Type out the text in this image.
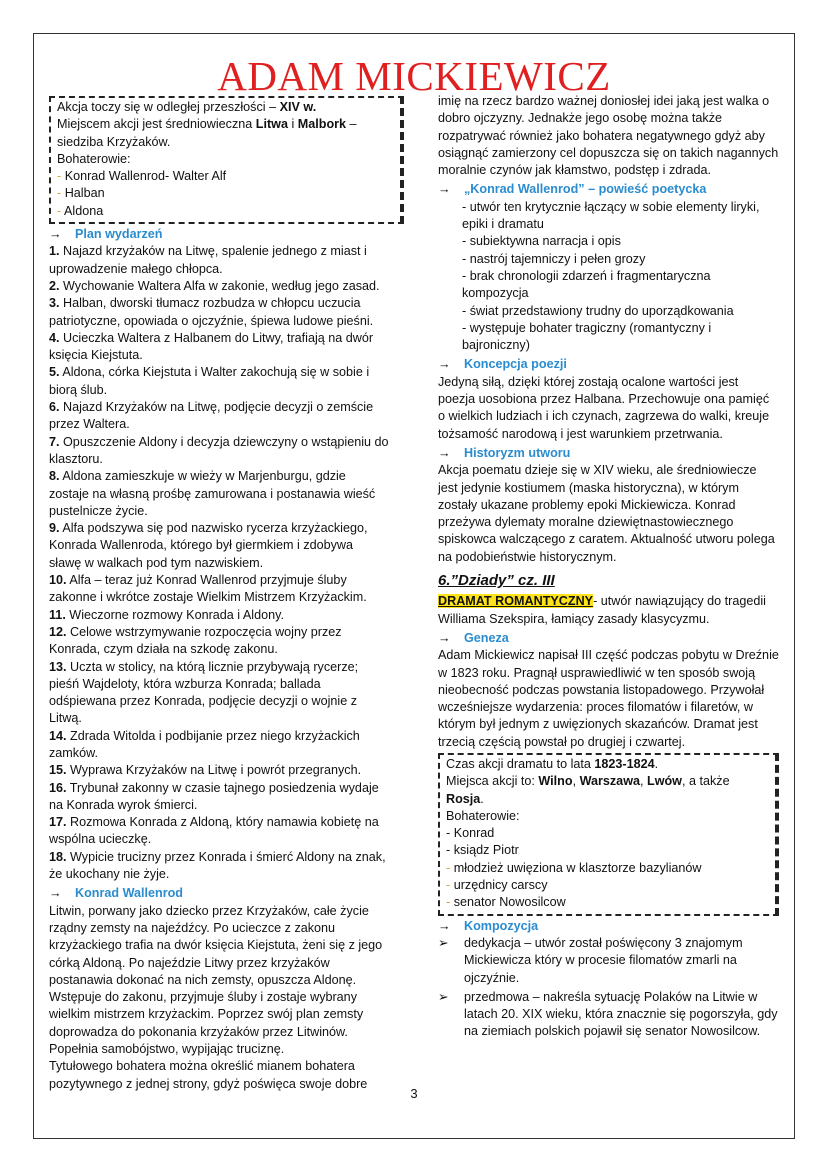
ADAM MICKIEWICZ

Akcja toczy się w odległej przeszłości – XIV w.

Miejscem akcji jest średniowieczna Litwa i Malbork –

siedziba Krzyżaków.

Bohaterowie:

- Konrad Wallenrod- Walter Alf

- Halban

- Aldona

→ Plan wydarzeń

1. Najazd krzyżaków na Litwę, spalenie jednego z miast i

uprowadzenie małego chłopca.

2. Wychowanie Waltera Alfa w zakonie, według jego zasad.

3. Halban, dworski tłumacz rozbudza w chłopcu uczucia

patriotyczne, opowiada o ojczyźnie, śpiewa ludowe pieśni.

4. Ucieczka Waltera z Halbanem do Litwy, trafiają na dwór

księcia Kiejstuta.

5. Aldona, córka Kiejstuta i Walter zakochują się w sobie i

biorą ślub.

6. Najazd Krzyżaków na Litwę, podjęcie decyzji o zemście

przez Waltera.

7. Opuszczenie Aldony i decyzja dziewczyny o wstąpieniu do

klasztoru.

8. Aldona zamieszkuje w wieży w Marjenburgu, gdzie

zostaje na własną prośbę zamurowana i postanawia wieść

pustelnicze życie.

9. Alfa podszywa się pod nazwisko rycerza krzyżackiego,

Konrada Wallenroda, którego był giermkiem i zdobywa

sławę w walkach pod tym nazwiskiem.

10. Alfa – teraz już Konrad Wallenrod przyjmuje śluby

zakonne i wkrótce zostaje Wielkim Mistrzem Krzyżackim.

11. Wieczorne rozmowy Konrada i Aldony.

12. Celowe wstrzymywanie rozpoczęcia wojny przez

Konrada, czym działa na szkodę zakonu.

13. Uczta w stolicy, na którą licznie przybywają rycerze;

pieśń Wajdeloty, która wzburza Konrada; ballada

odśpiewana przez Konrada, podjęcie decyzji o wojnie z

Litwą.

14. Zdrada Witolda i podbijanie przez niego krzyżackich

zamków.

15. Wyprawa Krzyżaków na Litwę i powrót przegranych.

16. Trybunał zakonny w czasie tajnego posiedzenia wydaje

na Konrada wyrok śmierci.

17. Rozmowa Konrada z Aldoną, który namawia kobietę na

wspólna ucieczkę.

18. Wypicie trucizny przez Konrada i śmierć Aldony na znak,

że ukochany nie żyje.

→ Konrad Wallenrod

Litwin, porwany jako dziecko przez Krzyżaków, całe życie

rządny zemsty na najeźdźcy. Po ucieczce z zakonu

krzyżackiego trafia na dwór księcia Kiejstuta, żeni się z jego

córką Aldoną. Po najeździe Litwy przez krzyżaków

postanawia dokonać na nich zemsty, opuszcza Aldonę.

Wstępuje do zakonu, przyjmuje śluby i zostaje wybrany

wielkim mistrzem krzyżackim. Poprzez swój plan zemsty

doprowadza do pokonania krzyżaków przez Litwinów.

Popełnia samobójstwo, wypijając truciznę.

Tytułowego bohatera można określić mianem bohatera

pozytywnego z jednej strony, gdyż poświęca swoje dobre

imię na rzecz bardzo ważnej doniosłej idei jaką jest walka o

dobro ojczyzny. Jednakże jego osobę można także

rozpatrywać również jako bohatera negatywnego gdyż aby

osiągnąć zamierzony cel dopuszcza się on takich nagannych

moralnie czynów jak kłamstwo, podstęp i zdrada.

→ „Konrad Wallenrod” – powieść poetycka

- utwór ten krytycznie łączący w sobie elementy liryki,

epiki i dramatu

- subiektywna narracja i opis

- nastrój tajemniczy i pełen grozy

- brak chronologii zdarzeń i fragmentaryczna

kompozycja

- świat przedstawiony trudny do uporządkowania

- występuje bohater tragiczny (romantyczny i

bajroniczny)

→ Koncepcja poezji

Jedyną siłą, dzięki której zostają ocalone wartości jest

poezja uosobiona przez Halbana. Przechowuje ona pamięć

o wielkich ludziach i ich czynach, zagrzewa do walki, kreuje

tożsamość narodową i jest warunkiem przetrwania.

→ Historyzm utworu

Akcja poematu dzieje się w XIV wieku, ale średniowiecze

jest jedynie kostiumem (maska historyczna), w którym

zostały ukazane problemy epoki Mickiewicza. Konrad

przeżywa dylematy moralne dziewiętnastowiecznego

spiskowca walczącego z caratem. Aktualność utworu polega

na podobieństwie historycznym.

6.”Dziady” cz. III

DRAMAT ROMANTYCZNY- utwór nawiązujący do tragedii

Williama Szekspira, łamiący zasady klasycyzmu.

→ Geneza

Adam Mickiewicz napisał III część podczas pobytu w Dreźnie

w 1823 roku. Pragnął usprawiedliwić w ten sposób swoją

nieobecność podczas powstania listopadowego. Przywołał

wcześniejsze wydarzenia: proces filomatów i filaretów, w

którym był jednym z uwięzionych skazańców. Dramat jest

trzecią częścią powstał po drugiej i czwartej.

Czas akcji dramatu to lata 1823-1824.

Miejsca akcji to: Wilno, Warszawa, Lwów, a także Rosja.

Bohaterowie:

- Konrad

- ksiądz Piotr

- młodzież uwięziona w klasztorze bazylianów

- urzędnicy carscy

- senator Nowosilcow

→ Kompozycja

➢	dedykacja – utwór został poświęcony 3 znajomym

Mickiewicza który w procesie filomatów zmarli na

ojczyźnie.

➢	przedmowa – nakreśla sytuację Polaków na Litwie w

latach 20. XIX wieku, która znacznie się pogorszyła, gdy

na ziemiach polskich pojawił się senator Nowosilcow.

3
